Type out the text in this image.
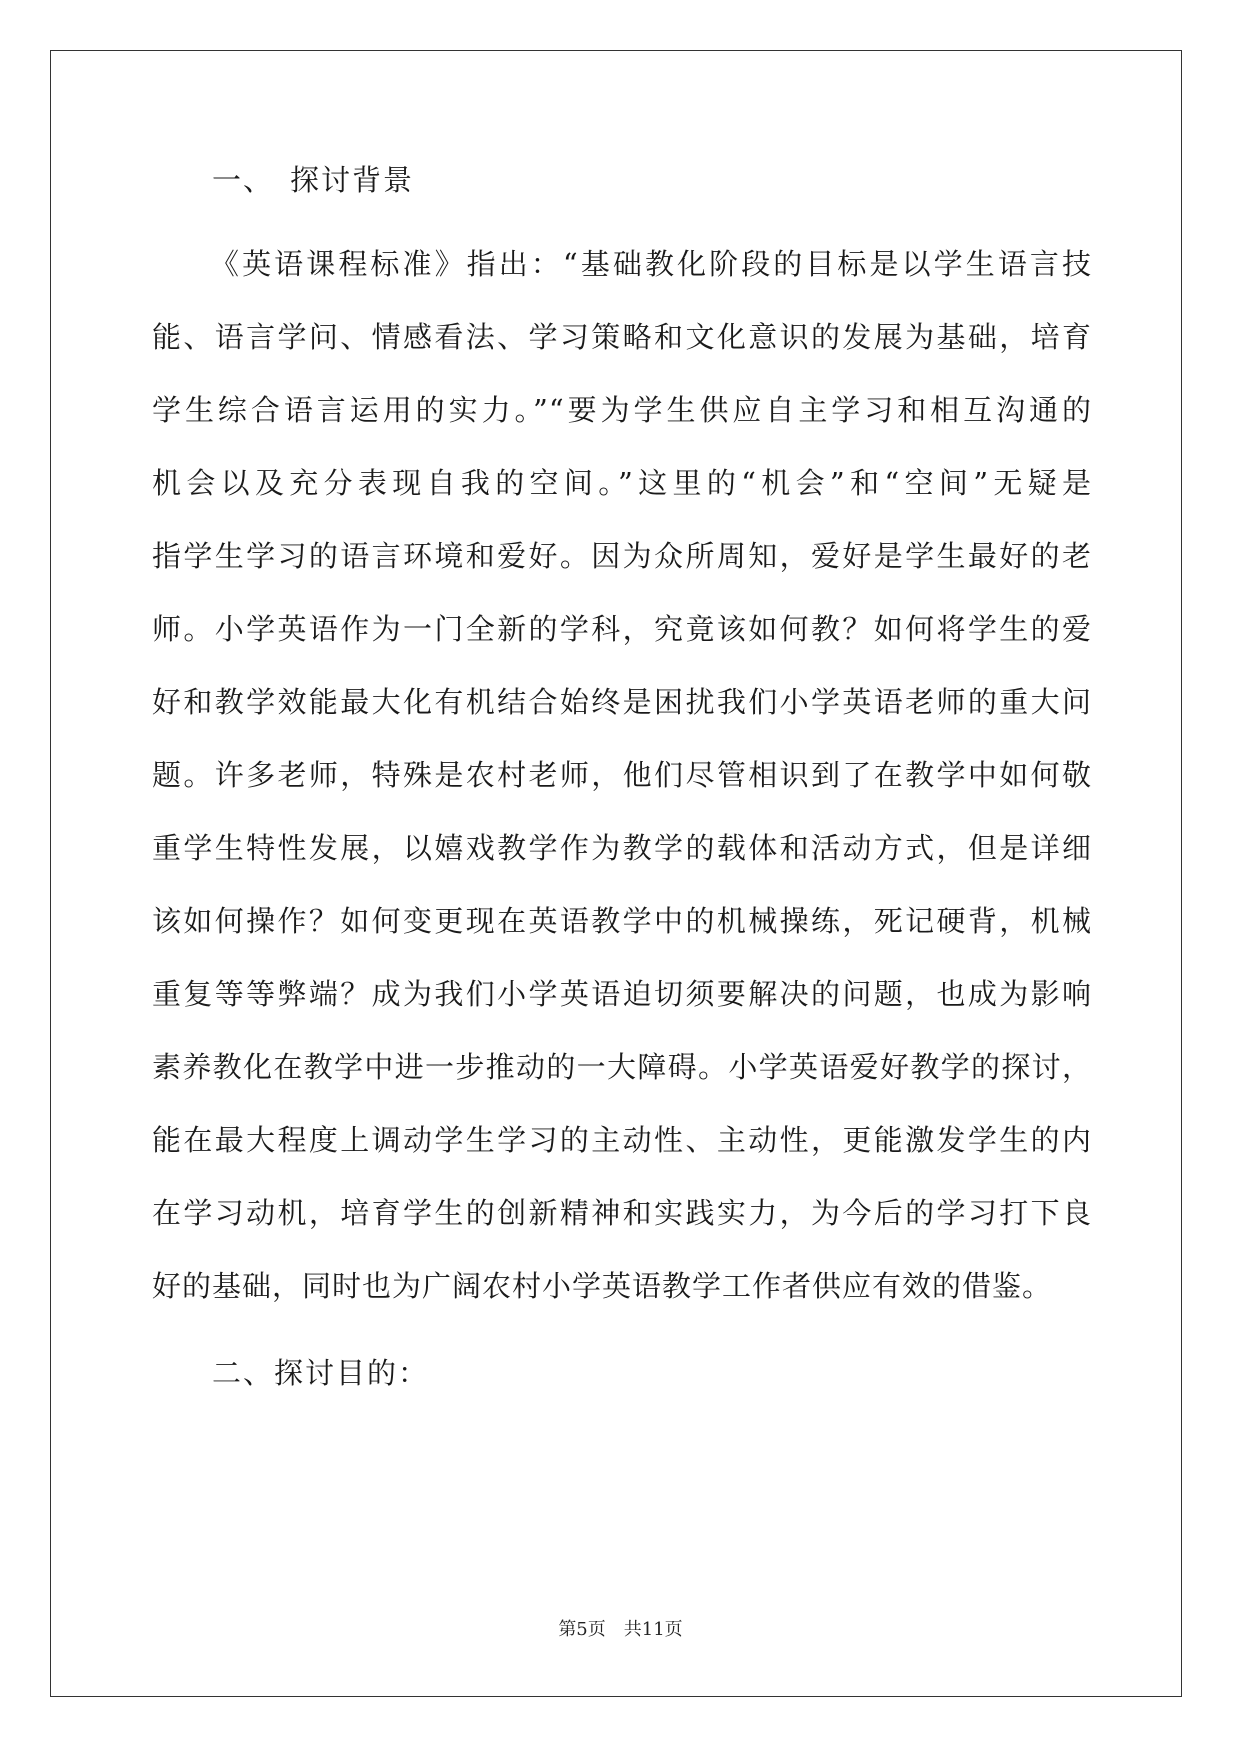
一、 探讨背景

《英语课程标准》指出：“基础教化阶段的目标是以学生语言技
能、语言学问、情感看法、学习策略和文化意识的发展为基础，培育
学生综合语言运用的实力。”“要为学生供应自主学习和相互沟通的
机会以及充分表现自我的空间。”这里的“机会”和“空间”无疑是
指学生学习的语言环境和爱好。因为众所周知，爱好是学生最好的老
师。小学英语作为一门全新的学科，究竟该如何教？如何将学生的爱
好和教学效能最大化有机结合始终是困扰我们小学英语老师的重大问
题。许多老师，特殊是农村老师，他们尽管相识到了在教学中如何敬
重学生特性发展，以嬉戏教学作为教学的载体和活动方式，但是详细
该如何操作？如何变更现在英语教学中的机械操练，死记硬背，机械
重复等等弊端？成为我们小学英语迫切须要解决的问题，也成为影响
素养教化在教学中进一步推动的一大障碍。小学英语爱好教学的探讨，
能在最大程度上调动学生学习的主动性、主动性，更能激发学生的内
在学习动机，培育学生的创新精神和实践实力，为今后的学习打下良
好的基础，同时也为广阔农村小学英语教学工作者供应有效的借鉴。

二、探讨目的：
第5页 共11页
